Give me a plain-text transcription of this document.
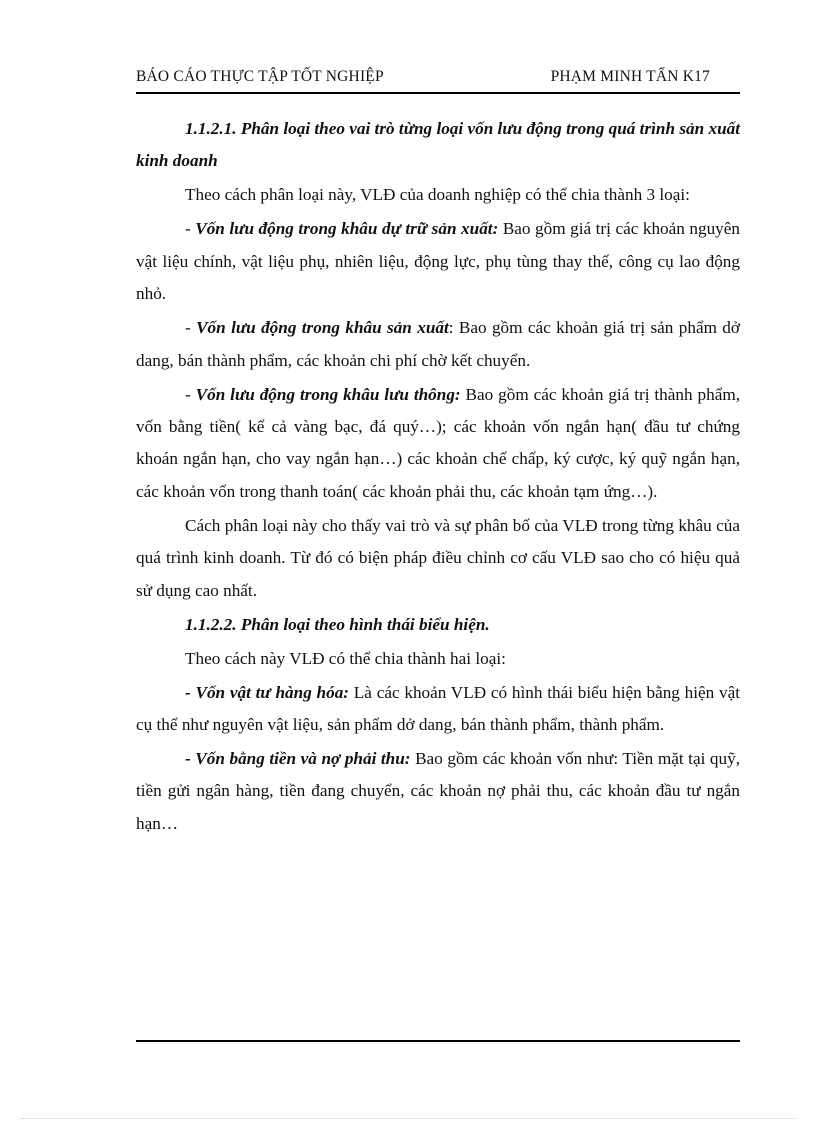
BÁO CÁO THỰC TẬP TỐT NGHIỆP	PHẠM MINH TẤN K17

1.1.2.1. Phân loại theo vai trò từng loại vốn lưu động trong quá trình sản xuất kinh doanh

Theo cách phân loại này, VLĐ của doanh nghiệp có thể chia thành 3 loại:

- Vốn lưu động trong khâu dự trữ sản xuất: Bao gồm giá trị các khoản nguyên vật liệu chính, vật liệu phụ, nhiên liệu, động lực, phụ tùng thay thế, công cụ lao động nhỏ.

- Vốn lưu động trong khâu sản xuất: Bao gồm các khoản giá trị sản phẩm dở dang, bán thành phẩm, các khoản chi phí chờ kết chuyển.

- Vốn lưu động trong khâu lưu thông: Bao gồm các khoản giá trị thành phẩm, vốn bằng tiền( kể cả vàng bạc, đá quý…); các khoản vốn ngắn hạn( đầu tư chứng khoán ngắn hạn, cho vay ngắn hạn…) các khoản chế chấp, ký cược, ký quỹ ngắn hạn, các khoản vốn trong thanh toán( các khoản phải thu, các khoản tạm ứng…).

Cách phân loại này cho thấy vai trò và sự phân bố của VLĐ trong từng khâu của quá trình kinh doanh. Từ đó có biện pháp điều chỉnh cơ cấu VLĐ sao cho có hiệu quả sử dụng cao nhất.

1.1.2.2. Phân loại theo hình thái biểu hiện.

Theo cách này VLĐ có thể chia thành hai loại:

- Vốn vật tư hàng hóa: Là các khoản VLĐ có hình thái biểu hiện bằng hiện vật cụ thể như nguyên vật liệu, sản phẩm dở dang, bán thành phẩm, thành phẩm.

- Vốn bằng tiền và nợ phải thu: Bao gồm các khoản vốn như: Tiền mặt tại quỹ, tiền gửi ngân hàng, tiền đang chuyển, các khoản nợ phải thu, các khoản đầu tư ngắn hạn…
